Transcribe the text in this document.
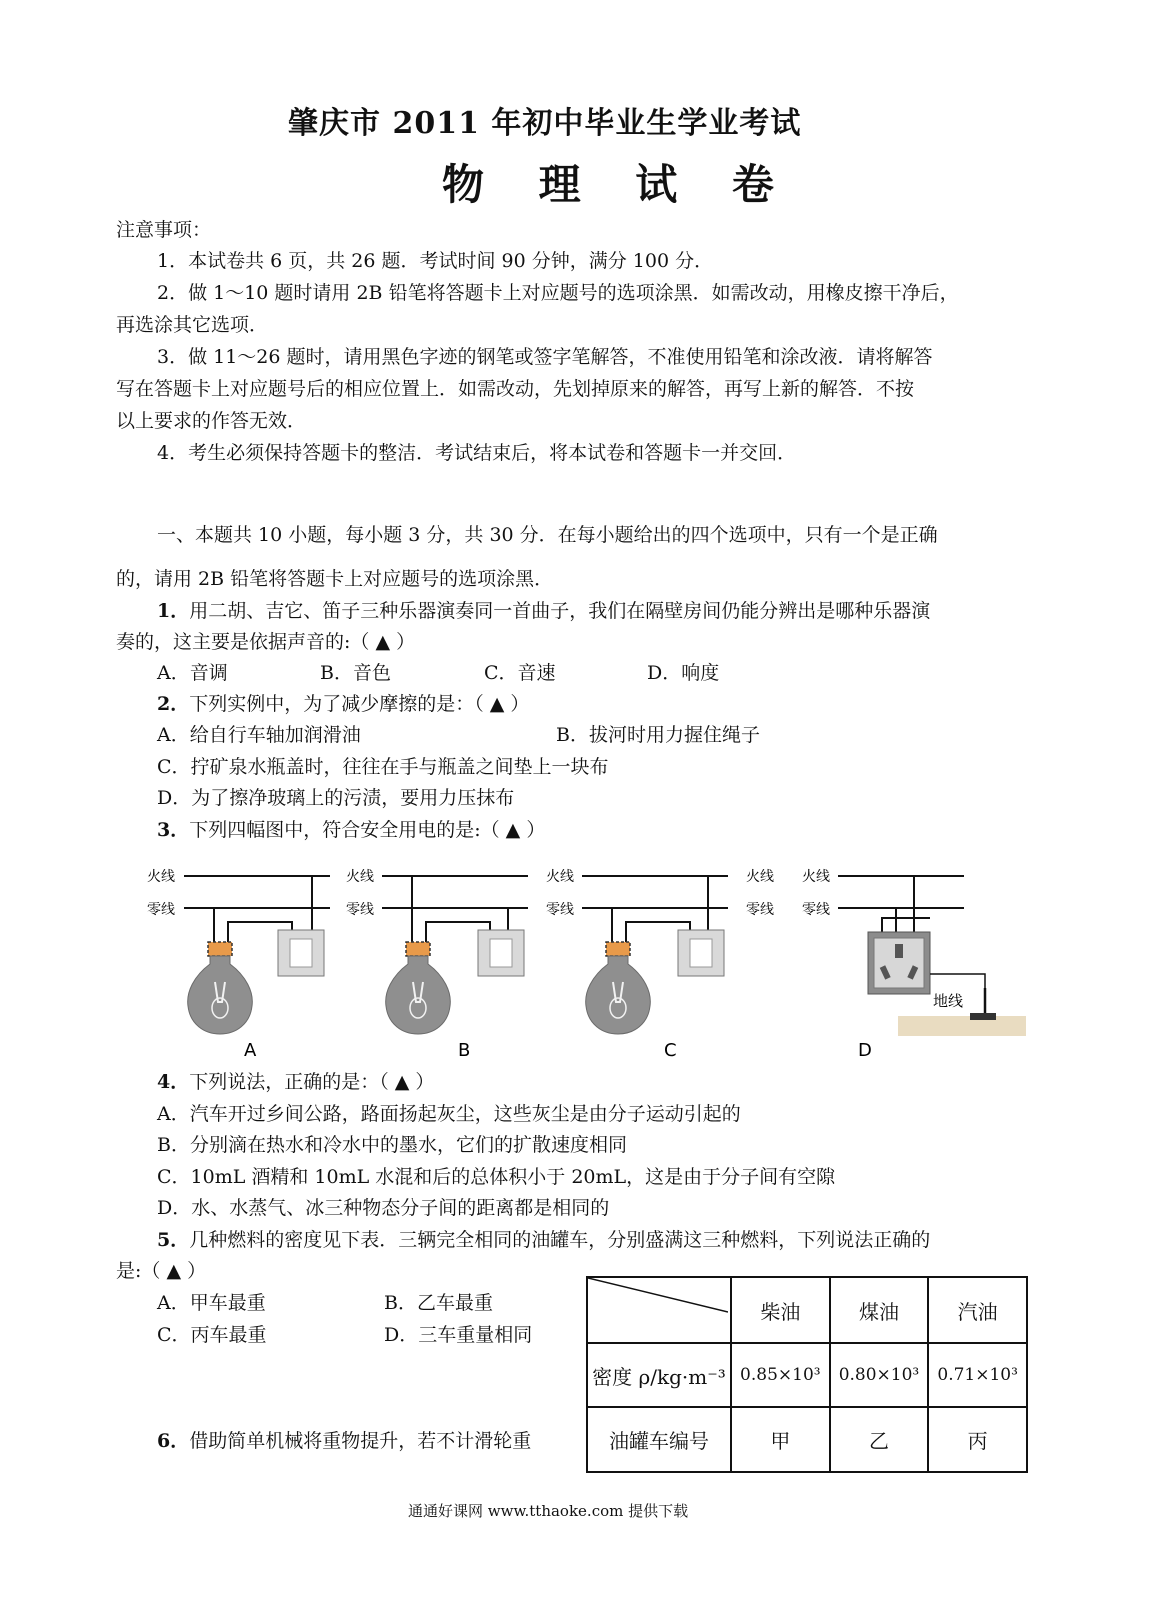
肇庆市 2011 年初中毕业生学业考试
物 理 试 卷
注意事项：
1．本试卷共 6 页，共 26 题．考试时间 90 分钟，满分 100 分．
2．做 1～10 题时请用 2B 铅笔将答题卡上对应题号的选项涂黑．如需改动，用橡皮擦干净后，
再选涂其它选项．
3．做 11～26 题时，请用黑色字迹的钢笔或签字笔解答，不准使用铅笔和涂改液．请将解答
写在答题卡上对应题号后的相应位置上．如需改动，先划掉原来的解答，再写上新的解答．不按
以上要求的作答无效．
4．考生必须保持答题卡的整洁．考试结束后，将本试卷和答题卡一并交回．
一、本题共 10 小题，每小题 3 分，共 30 分．在每小题给出的四个选项中，只有一个是正确
的，请用 2B 铅笔将答题卡上对应题号的选项涂黑．
1．用二胡、吉它、笛子三种乐器演奏同一首曲子，我们在隔壁房间仍能分辨出是哪种乐器演
奏的，这主要是依据声音的:（ ▲ ）
A．音调	B．音色	C．音速	D．响度
2．下列实例中，为了减少摩擦的是：（ ▲ ）
A．给自行车轴加润滑油	B．拔河时用力握住绳子
C．拧矿泉水瓶盖时，往往在手与瓶盖之间垫上一块布
D．为了擦净玻璃上的污渍，要用力压抹布
3．下列四幅图中，符合安全用电的是:（ ▲ ）
火线
零线
A
火线
零线
B
火线
零线
C
火线
零线
火线
零线
地线
D
4．下列说法，正确的是：（ ▲ ）
A．汽车开过乡间公路，路面扬起灰尘，这些灰尘是由分子运动引起的
B．分别滴在热水和冷水中的墨水，它们的扩散速度相同
C．10mL 酒精和 10mL 水混和后的总体积小于 20mL，这是由于分子间有空隙
D．水、水蒸气、冰三种物态分子间的距离都是相同的
5．几种燃料的密度见下表．三辆完全相同的油罐车，分别盛满这三种燃料，下列说法正确的
是:（ ▲ ）
A．甲车最重	B．乙车最重
C．丙车最重	D．三车重量相同
	柴油	煤油	汽油
密度 ρ/kg·m⁻³	0.85×10³	0.80×10³	0.71×10³
油罐车编号	甲	乙	丙
6．借助简单机械将重物提升，若不计滑轮重
通通好课网 www.tthaoke.com 提供下载
